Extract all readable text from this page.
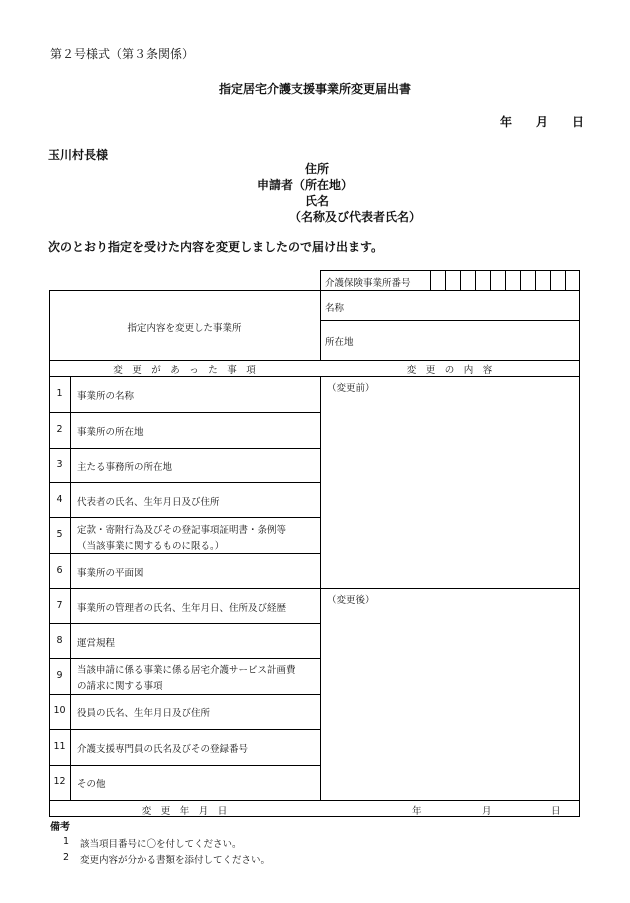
第２号様式（第３条関係）
指定居宅介護支援事業所変更届出書
年 月 日
玉川村長様
住所
申請者（所在地）
氏名
（名称及び代表者氏名）
次のとおり指定を受けた内容を変更しましたので届け出ます。
介護保険事業所番号
指定内容を変更した事業所
名称
所在地
変　更　が　あ　っ　た　事　項	変　更　の　内　容
（変更前）
（変更後）
1	事業所の名称
2	事業所の所在地
3	主たる事務所の所在地
4	代表者の氏名、生年月日及び住所
5	定款・寄附行為及びその登記事項証明書・条例等
（当該事業に関するものに限る。）
6	事業所の平面図
7	事業所の管理者の氏名、生年月日、住所及び経歴
8	運営規程
9	当該申請に係る事業に係る居宅介護サービス計画費
の請求に関する事項
10	役員の氏名、生年月日及び住所
11	介護支援専門員の氏名及びその登録番号
12	その他
変　更　年　月　日	年	月	日
備考
1 該当項目番号に〇を付してください。
2 変更内容が分かる書類を添付してください。
